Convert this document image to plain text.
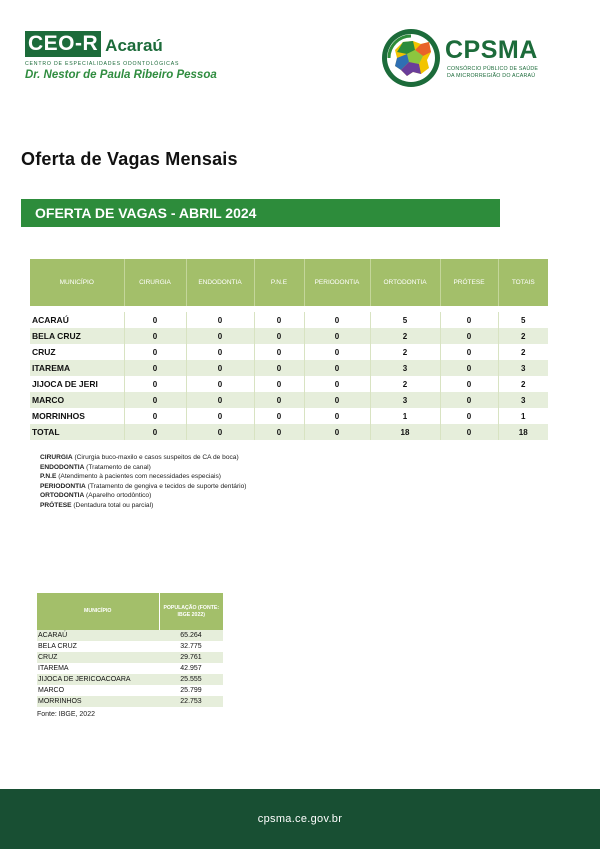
CEO-R Acaraú
CENTRO DE ESPECIALIDADES ODONTOLÓGICAS
Dr. Nestor de Paula Ribeiro Pessoa
CPSMA
CONSÓRCIO PÚBLICO DE SAÚDE
DA MICRORREGIÃO DO ACARAÚ
Oferta de Vagas Mensais
OFERTA DE VAGAS - ABRIL 2024
MUNICÍPIO	CIRURGIA	ENDODONTIA	P.N.E	PERIODONTIA	ORTODONTIA	PRÓTESE	TOTAIS

ACARAÚ	0	0	0	0	5	0	5
BELA CRUZ	0	0	0	0	2	0	2
CRUZ	0	0	0	0	2	0	2
ITAREMA	0	0	0	0	3	0	3
JIJOCA DE JERI	0	0	0	0	2	0	2
MARCO	0	0	0	0	3	0	3
MORRINHOS	0	0	0	0	1	0	1
TOTAL	0	0	0	0	18	0	18
CIRURGIA (Cirurgia buco-maxilo e casos suspeitos de CA de boca)
ENDODONTIA (Tratamento de canal)
P.N.E (Atendimento à pacientes com necessidades especiais)
PERIODONTIA (Tratamento de gengiva e tecidos de suporte dentário)
ORTODONTIA (Aparelho ortodôntico)
PRÓTESE (Dentadura total ou parcial)
MUNICÍPIO	POPULAÇÃO (FONTE: IBGE 2022)
ACARAÚ	65.264
BELA CRUZ	32.775
CRUZ	29.761
ITAREMA	42.957
JIJOCA DE JERICOACOARA	25.555
MARCO	25.799
MORRINHOS	22.753
Fonte: IBGE, 2022
cpsma.ce.gov.br
